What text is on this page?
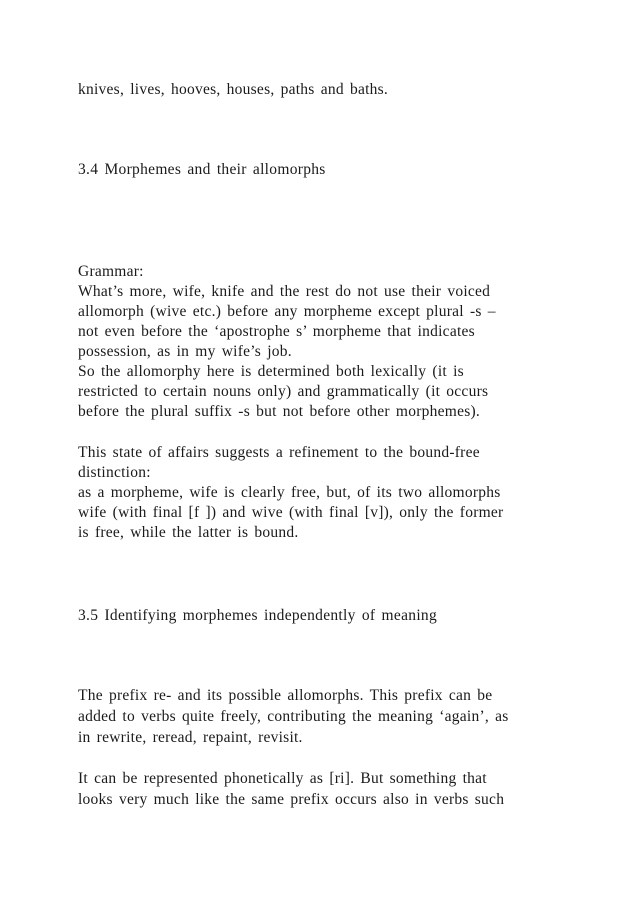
knives, lives, hooves, houses, paths and baths.
3.4 Morphemes and their allomorphs
Grammar:
What’s more, wife, knife and the rest do not use their voiced
allomorph (wive etc.) before any morpheme except plural -s –
not even before the ‘apostrophe s’ morpheme that indicates
possession, as in my wife’s job.
So the allomorphy here is determined both lexically (it is
restricted to certain nouns only) and grammatically (it occurs
before the plural suffix -s but not before other morphemes).
This state of affairs suggests a refinement to the bound-free
distinction:
as a morpheme, wife is clearly free, but, of its two allomorphs
wife (with final [f ]) and wive (with final [v]), only the former
is free, while the latter is bound.
3.5 Identifying morphemes independently of meaning
The prefix re- and its possible allomorphs. This prefix can be
added to verbs quite freely, contributing the meaning ‘again’, as
in rewrite, reread, repaint, revisit.
It can be represented phonetically as [ri]. But something that
looks very much like the same prefix occurs also in verbs such
